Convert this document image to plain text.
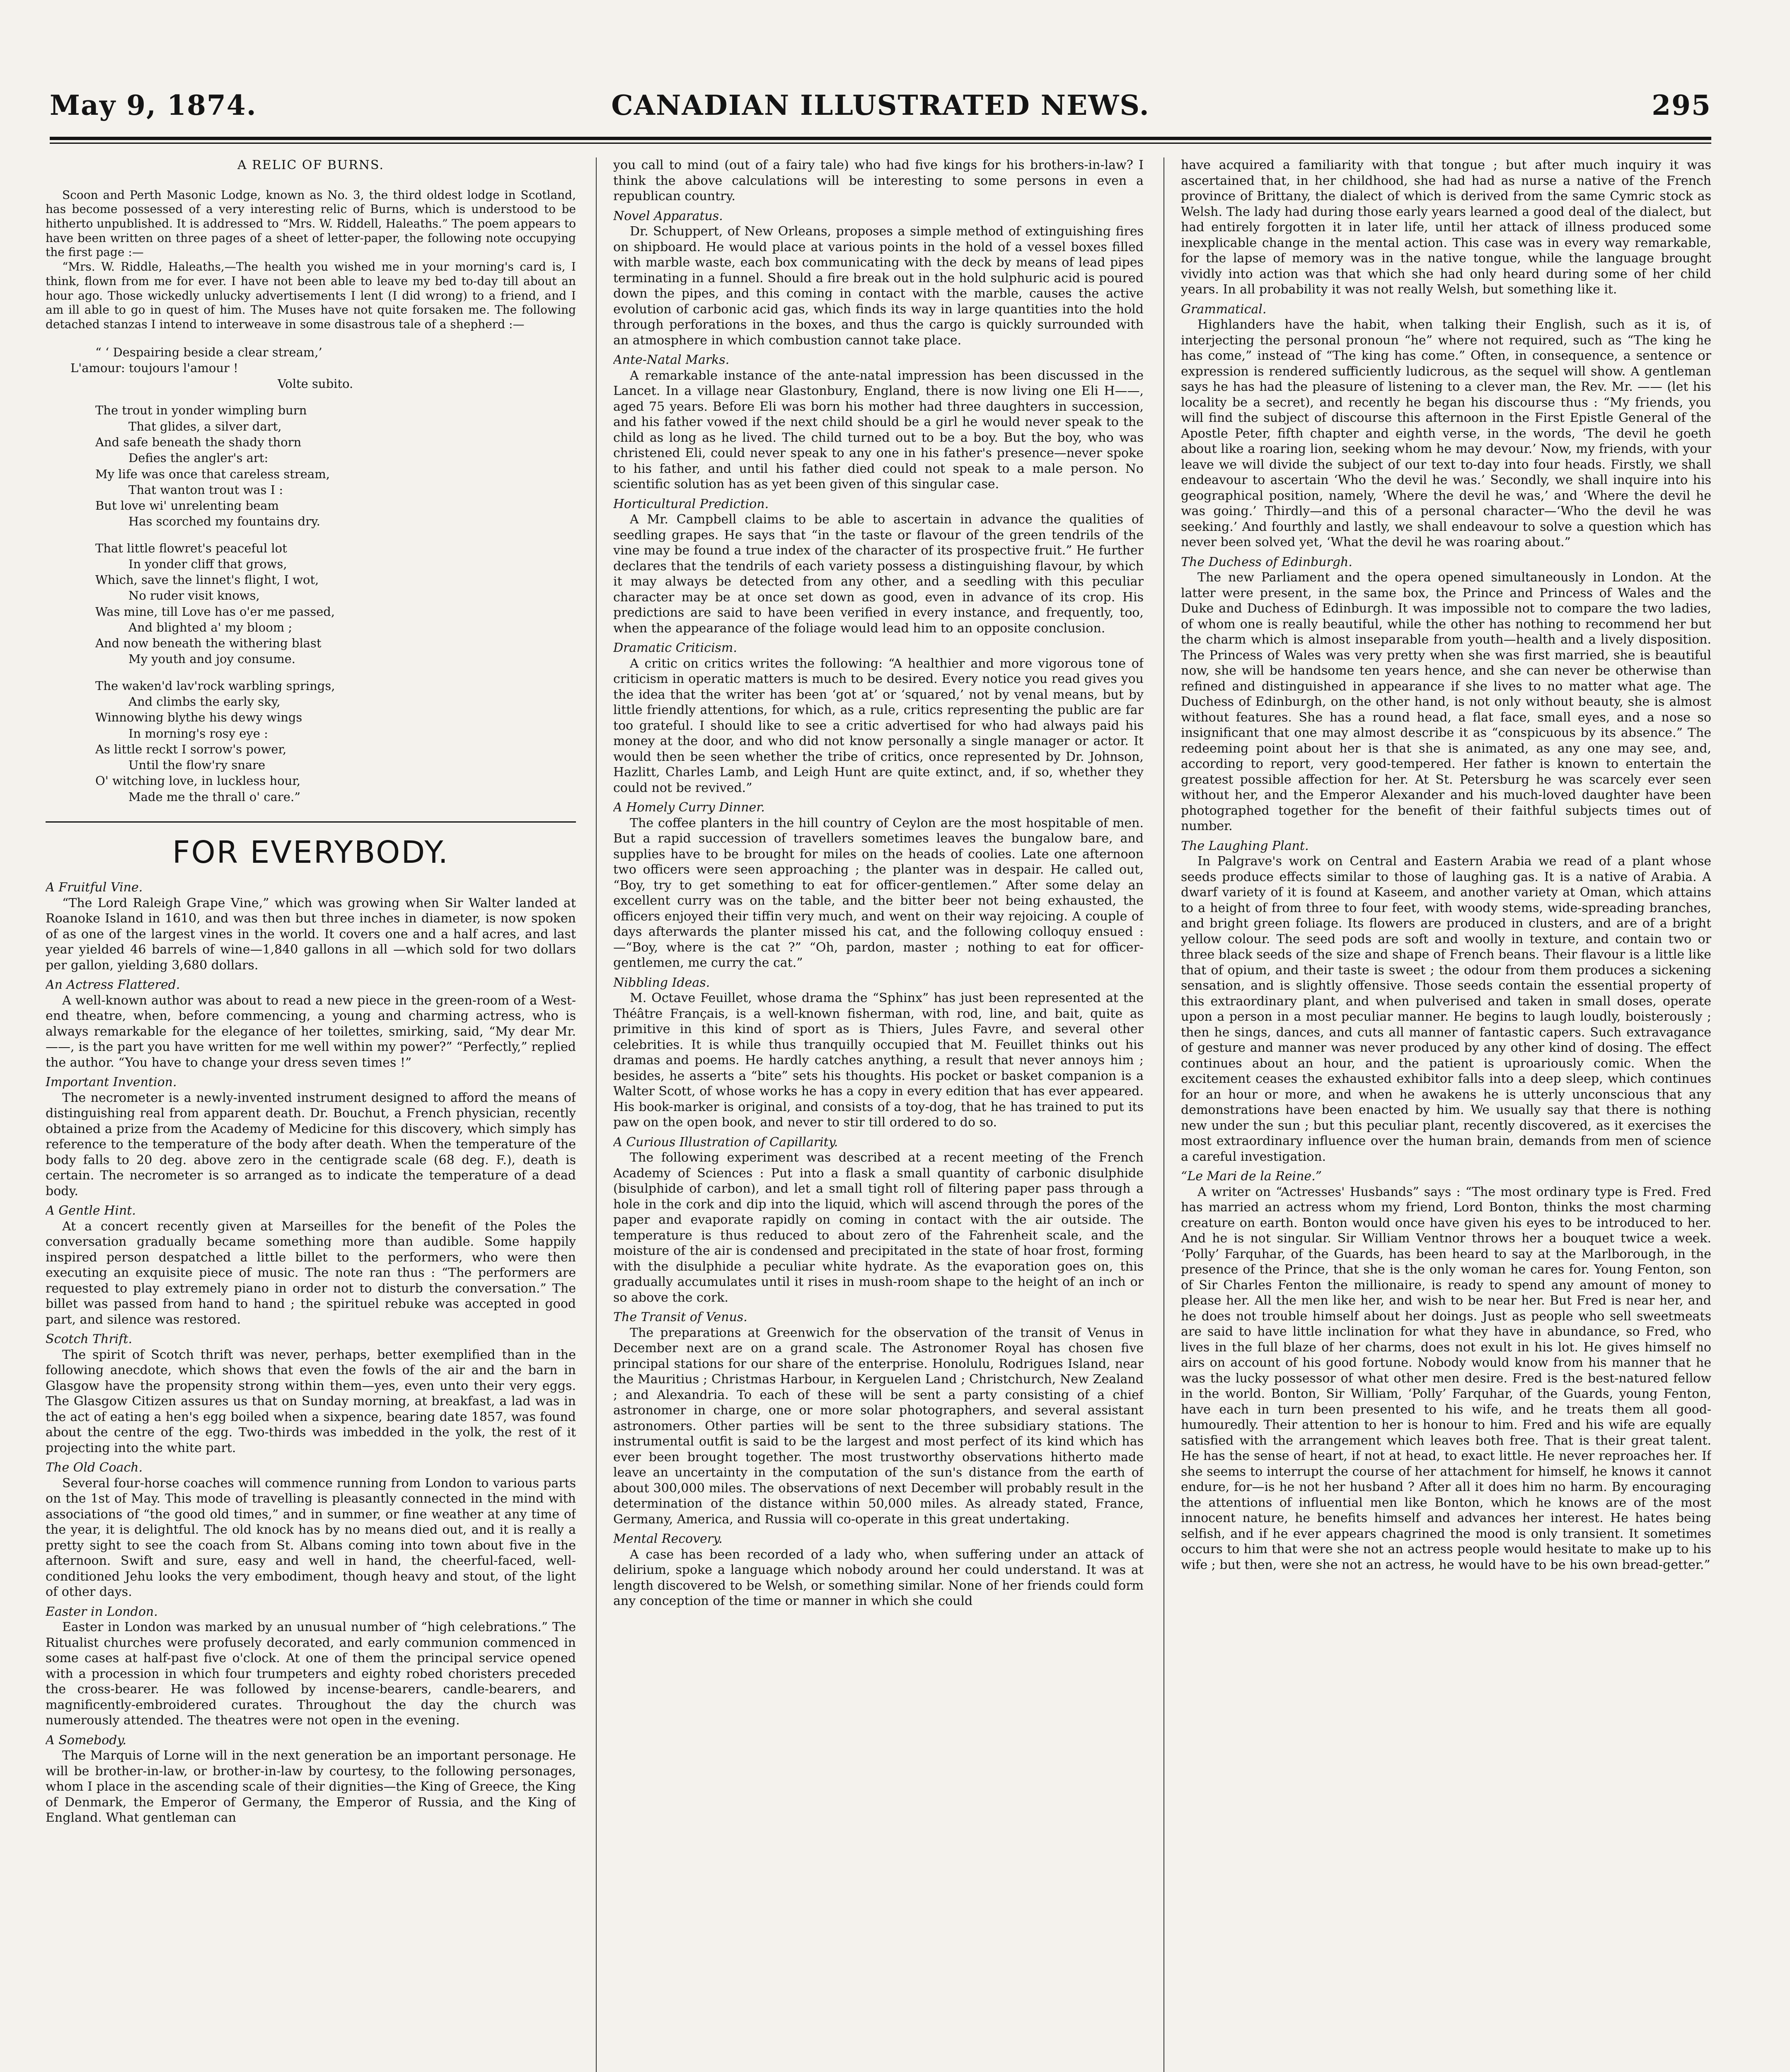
May 9, 1874.	CANADIAN ILLUSTRATED NEWS.	295
A RELIC OF BURNS.

Scoon and Perth Masonic Lodge, known as No. 3, the third oldest lodge in Scotland, has become possessed of a very interesting relic of Burns, which is understood to be hitherto unpublished. It is addressed to “Mrs. W. Riddell, Haleaths.” The poem appears to have been written on three pages of a sheet of letter-paper, the following note occupying the first page :—

“Mrs. W. Riddle, Haleaths,—The health you wished me in your morning's card is, I think, flown from me for ever. I have not been able to leave my bed to-day till about an hour ago. Those wickedly unlucky advertisements I lent (I did wrong) to a friend, and I am ill able to go in quest of him. The Muses have not quite forsaken me. The following detached stanzas I intend to interweave in some disastrous tale of a shepherd :—

“ ‘ Despairing beside a clear stream,’
L'amour: toujours l'amour !
Volte subito.
The trout in yonder wimpling burn
That glides, a silver dart,
And safe beneath the shady thorn
Defies the angler's art:
My life was once that careless stream,
That wanton trout was I :
But love wi' unrelenting beam
Has scorched my fountains dry.
That little flowret's peaceful lot
In yonder cliff that grows,
Which, save the linnet's flight, I wot,
No ruder visit knows,
Was mine, till Love has o'er me passed,
And blighted a' my bloom ;
And now beneath the withering blast
My youth and joy consume.
The waken'd lav'rock warbling springs,
And climbs the early sky,
Winnowing blythe his dewy wings
In morning's rosy eye :
As little reckt I sorrow's power,
Until the flow'ry snare
O' witching love, in luckless hour,
Made me the thrall o' care.”
FOR EVERYBODY.
A Fruitful Vine.

“The Lord Raleigh Grape Vine,” which was growing when Sir Walter landed at Roanoke Island in 1610, and was then but three inches in diameter, is now spoken of as one of the largest vines in the world. It covers one and a half acres, and last year yielded 46 barrels of wine—1,840 gallons in all —which sold for two dollars per gallon, yielding 3,680 dollars.

An Actress Flattered.

A well-known author was about to read a new piece in the green-room of a West-end theatre, when, before commencing, a young and charming actress, who is always remarkable for the elegance of her toilettes, smirking, said, “My dear Mr. ——, is the part you have written for me well within my power?” “Perfectly,” replied the author. “You have to change your dress seven times !”

Important Invention.

The necrometer is a newly-invented instrument designed to afford the means of distinguishing real from apparent death. Dr. Bouchut, a French physician, recently obtained a prize from the Academy of Medicine for this discovery, which simply has reference to the temperature of the body after death. When the temperature of the body falls to 20 deg. above zero in the centigrade scale (68 deg. F.), death is certain. The necrometer is so arranged as to indicate the temperature of a dead body.

A Gentle Hint.

At a concert recently given at Marseilles for the benefit of the Poles the conversation gradually became something more than audible. Some happily inspired person despatched a little billet to the performers, who were then executing an exquisite piece of music. The note ran thus : “The performers are requested to play extremely piano in order not to disturb the conversation.” The billet was passed from hand to hand ; the spirituel rebuke was accepted in good part, and silence was restored.

Scotch Thrift.

The spirit of Scotch thrift was never, perhaps, better exemplified than in the following anecdote, which shows that even the fowls of the air and the barn in Glasgow have the propensity strong within them—yes, even unto their very eggs. The Glasgow Citizen assures us that on Sunday morning, at breakfast, a lad was in the act of eating a hen's egg boiled when a sixpence, bearing date 1857, was found about the centre of the egg. Two-thirds was imbedded in the yolk, the rest of it projecting into the white part.

The Old Coach.

Several four-horse coaches will commence running from London to various parts on the 1st of May. This mode of travelling is pleasantly connected in the mind with associations of “the good old times,” and in summer, or fine weather at any time of the year, it is delightful. The old knock has by no means died out, and it is really a pretty sight to see the coach from St. Albans coming into town about five in the afternoon. Swift and sure, easy and well in hand, the cheerful-faced, well-conditioned Jehu looks the very embodiment, though heavy and stout, of the light of other days.

Easter in London.

Easter in London was marked by an unusual number of “high celebrations.” The Ritualist churches were profusely decorated, and early communion commenced in some cases at half-past five o'clock. At one of them the principal service opened with a procession in which four trumpeters and eighty robed choristers preceded the cross-bearer. He was followed by incense-bearers, candle-bearers, and magnificently-embroidered curates. Throughout the day the church was numerously attended. The theatres were not open in the evening.

A Somebody.

The Marquis of Lorne will in the next generation be an important personage. He will be brother-in-law, or brother-in-law by courtesy, to the following personages, whom I place in the ascending scale of their dignities—the King of Greece, the King of Denmark, the Emperor of Germany, the Emperor of Russia, and the King of England. What gentleman can

you call to mind (out of a fairy tale) who had five kings for his brothers-in-law? I think the above calculations will be interesting to some persons in even a republican country.

Novel Apparatus.

Dr. Schuppert, of New Orleans, proposes a simple method of extinguishing fires on shipboard. He would place at various points in the hold of a vessel boxes filled with marble waste, each box communicating with the deck by means of lead pipes terminating in a funnel. Should a fire break out in the hold sulphuric acid is poured down the pipes, and this coming in contact with the marble, causes the active evolution of carbonic acid gas, which finds its way in large quantities into the hold through perforations in the boxes, and thus the cargo is quickly surrounded with an atmosphere in which combustion cannot take place.

Ante-Natal Marks.

A remarkable instance of the ante-natal impression has been discussed in the Lancet. In a village near Glastonbury, England, there is now living one Eli H——, aged 75 years. Before Eli was born his mother had three daughters in succession, and his father vowed if the next child should be a girl he would never speak to the child as long as he lived. The child turned out to be a boy. But the boy, who was christened Eli, could never speak to any one in his father's presence—never spoke to his father, and until his father died could not speak to a male person. No scientific solution has as yet been given of this singular case.

Horticultural Prediction.

A Mr. Campbell claims to be able to ascertain in advance the qualities of seedling grapes. He says that “in the taste or flavour of the green tendrils of the vine may be found a true index of the character of its prospective fruit.” He further declares that the tendrils of each variety possess a distinguishing flavour, by which it may always be detected from any other, and a seedling with this peculiar character may be at once set down as good, even in advance of its crop. His predictions are said to have been verified in every instance, and frequently, too, when the appearance of the foliage would lead him to an opposite conclusion.

Dramatic Criticism.

A critic on critics writes the following: “A healthier and more vigorous tone of criticism in operatic matters is much to be desired. Every notice you read gives you the idea that the writer has been ‘got at’ or ‘squared,’ not by venal means, but by little friendly attentions, for which, as a rule, critics representing the public are far too grateful. I should like to see a critic advertised for who had always paid his money at the door, and who did not know personally a single manager or actor. It would then be seen whether the tribe of critics, once represented by Dr. Johnson, Hazlitt, Charles Lamb, and Leigh Hunt are quite extinct, and, if so, whether they could not be revived.”

A Homely Curry Dinner.

The coffee planters in the hill country of Ceylon are the most hospitable of men. But a rapid succession of travellers sometimes leaves the bungalow bare, and supplies have to be brought for miles on the heads of coolies. Late one afternoon two officers were seen approaching ; the planter was in despair. He called out, “Boy, try to get something to eat for officer-gentlemen.” After some delay an excellent curry was on the table, and the bitter beer not being exhausted, the officers enjoyed their tiffin very much, and went on their way rejoicing. A couple of days afterwards the planter missed his cat, and the following colloquy ensued :—“Boy, where is the cat ?” “Oh, pardon, master ; nothing to eat for officer-gentlemen, me curry the cat.”

Nibbling Ideas.

M. Octave Feuillet, whose drama the “Sphinx” has just been represented at the Théâtre Français, is a well-known fisherman, with rod, line, and bait, quite as primitive in this kind of sport as is Thiers, Jules Favre, and several other celebrities. It is while thus tranquilly occupied that M. Feuillet thinks out his dramas and poems. He hardly catches anything, a result that never annoys him ; besides, he asserts a “bite” sets his thoughts. His pocket or basket companion is a Walter Scott, of whose works he has a copy in every edition that has ever appeared. His book-marker is original, and consists of a toy-dog, that he has trained to put its paw on the open book, and never to stir till ordered to do so.

A Curious Illustration of Capillarity.

The following experiment was described at a recent meeting of the French Academy of Sciences : Put into a flask a small quantity of carbonic disulphide (bisulphide of carbon), and let a small tight roll of filtering paper pass through a hole in the cork and dip into the liquid, which will ascend through the pores of the paper and evaporate rapidly on coming in contact with the air outside. The temperature is thus reduced to about zero of the Fahrenheit scale, and the moisture of the air is condensed and precipitated in the state of hoar frost, forming with the disulphide a peculiar white hydrate. As the evaporation goes on, this gradually accumulates until it rises in mush-room shape to the height of an inch or so above the cork.

The Transit of Venus.

The preparations at Greenwich for the observation of the transit of Venus in December next are on a grand scale. The Astronomer Royal has chosen five principal stations for our share of the enterprise. Honolulu, Rodrigues Island, near the Mauritius ; Christmas Harbour, in Kerguelen Land ; Christchurch, New Zealand ; and Alexandria. To each of these will be sent a party consisting of a chief astronomer in charge, one or more solar photographers, and several assistant astronomers. Other parties will be sent to the three subsidiary stations. The instrumental outfit is said to be the largest and most perfect of its kind which has ever been brought together. The most trustworthy observations hitherto made leave an uncertainty in the computation of the sun's distance from the earth of about 300,000 miles. The observations of next December will probably result in the determination of the distance within 50,000 miles. As already stated, France, Germany, America, and Russia will co-operate in this great undertaking.

Mental Recovery.

A case has been recorded of a lady who, when suffering under an attack of delirium, spoke a language which nobody around her could understand. It was at length discovered to be Welsh, or something similar. None of her friends could form any conception of the time or manner in which she could

have acquired a familiarity with that tongue ; but after much inquiry it was ascertained that, in her childhood, she had had as nurse a native of the French province of Brittany, the dialect of which is derived from the same Cymric stock as Welsh. The lady had during those early years learned a good deal of the dialect, but had entirely forgotten it in later life, until her attack of illness produced some inexplicable change in the mental action. This case was in every way remarkable, for the lapse of memory was in the native tongue, while the language brought vividly into action was that which she had only heard during some of her child years. In all probability it was not really Welsh, but something like it.

Grammatical.

Highlanders have the habit, when talking their English, such as it is, of interjecting the personal pronoun “he” where not required, such as “The king he has come,” instead of “The king has come.” Often, in consequence, a sentence or expression is rendered sufficiently ludicrous, as the sequel will show. A gentleman says he has had the pleasure of listening to a clever man, the Rev. Mr. —— (let his locality be a secret), and recently he began his discourse thus : “My friends, you will find the subject of discourse this afternoon in the First Epistle General of the Apostle Peter, fifth chapter and eighth verse, in the words, ‘The devil he goeth about like a roaring lion, seeking whom he may devour.’ Now, my friends, with your leave we will divide the subject of our text to-day into four heads. Firstly, we shall endeavour to ascertain ‘Who the devil he was.’ Secondly, we shall inquire into his geographical position, namely, ‘Where the devil he was,’ and ‘Where the devil he was going.’ Thirdly—and this of a personal character—‘Who the devil he was seeking.’ And fourthly and lastly, we shall endeavour to solve a question which has never been solved yet, ‘What the devil he was roaring about.”

The Duchess of Edinburgh.

The new Parliament and the opera opened simultaneously in London. At the latter were present, in the same box, the Prince and Princess of Wales and the Duke and Duchess of Edinburgh. It was impossible not to compare the two ladies, of whom one is really beautiful, while the other has nothing to recommend her but the charm which is almost inseparable from youth—health and a lively disposition. The Princess of Wales was very pretty when she was first married, she is beautiful now, she will be handsome ten years hence, and she can never be otherwise than refined and distinguished in appearance if she lives to no matter what age. The Duchess of Edinburgh, on the other hand, is not only without beauty, she is almost without features. She has a round head, a flat face, small eyes, and a nose so insignificant that one may almost describe it as “conspicuous by its absence.” The redeeming point about her is that she is animated, as any one may see, and, according to report, very good-tempered. Her father is known to entertain the greatest possible affection for her. At St. Petersburg he was scarcely ever seen without her, and the Emperor Alexander and his much-loved daughter have been photographed together for the benefit of their faithful subjects times out of number.

The Laughing Plant.

In Palgrave's work on Central and Eastern Arabia we read of a plant whose seeds produce effects similar to those of laughing gas. It is a native of Arabia. A dwarf variety of it is found at Kaseem, and another variety at Oman, which attains to a height of from three to four feet, with woody stems, wide-spreading branches, and bright green foliage. Its flowers are produced in clusters, and are of a bright yellow colour. The seed pods are soft and woolly in texture, and contain two or three black seeds of the size and shape of French beans. Their flavour is a little like that of opium, and their taste is sweet ; the odour from them produces a sickening sensation, and is slightly offensive. Those seeds contain the essential property of this extraordinary plant, and when pulverised and taken in small doses, operate upon a person in a most peculiar manner. He begins to laugh loudly, boisterously ; then he sings, dances, and cuts all manner of fantastic capers. Such extravagance of gesture and manner was never produced by any other kind of dosing. The effect continues about an hour, and the patient is uproariously comic. When the excitement ceases the exhausted exhibitor falls into a deep sleep, which continues for an hour or more, and when he awakens he is utterly unconscious that any demonstrations have been enacted by him. We usually say that there is nothing new under the sun ; but this peculiar plant, recently discovered, as it exercises the most extraordinary influence over the human brain, demands from men of science a careful investigation.

“Le Mari de la Reine.”

A writer on “Actresses' Husbands” says : “The most ordinary type is Fred. Fred has married an actress whom my friend, Lord Bonton, thinks the most charming creature on earth. Bonton would once have given his eyes to be introduced to her. And he is not singular. Sir William Ventnor throws her a bouquet twice a week. ‘Polly’ Farquhar, of the Guards, has been heard to say at the Marlborough, in the presence of the Prince, that she is the only woman he cares for. Young Fenton, son of Sir Charles Fenton the millionaire, is ready to spend any amount of money to please her. All the men like her, and wish to be near her. But Fred is near her, and he does not trouble himself about her doings. Just as people who sell sweetmeats are said to have little inclination for what they have in abundance, so Fred, who lives in the full blaze of her charms, does not exult in his lot. He gives himself no airs on account of his good fortune. Nobody would know from his manner that he was the lucky possessor of what other men desire. Fred is the best-natured fellow in the world. Bonton, Sir William, ‘Polly’ Farquhar, of the Guards, young Fenton, have each in turn been presented to his wife, and he treats them all good-humouredly. Their attention to her is honour to him. Fred and his wife are equally satisfied with the arrangement which leaves both free. That is their great talent. He has the sense of heart, if not at head, to exact little. He never reproaches her. If she seems to interrupt the course of her attachment for himself, he knows it cannot endure, for—is he not her husband ? After all it does him no harm. By encouraging the attentions of influential men like Bonton, which he knows are of the most innocent nature, he benefits himself and advances her interest. He hates being selfish, and if he ever appears chagrined the mood is only transient. It sometimes occurs to him that were she not an actress people would hesitate to make up to his wife ; but then, were she not an actress, he would have to be his own bread-getter.”
